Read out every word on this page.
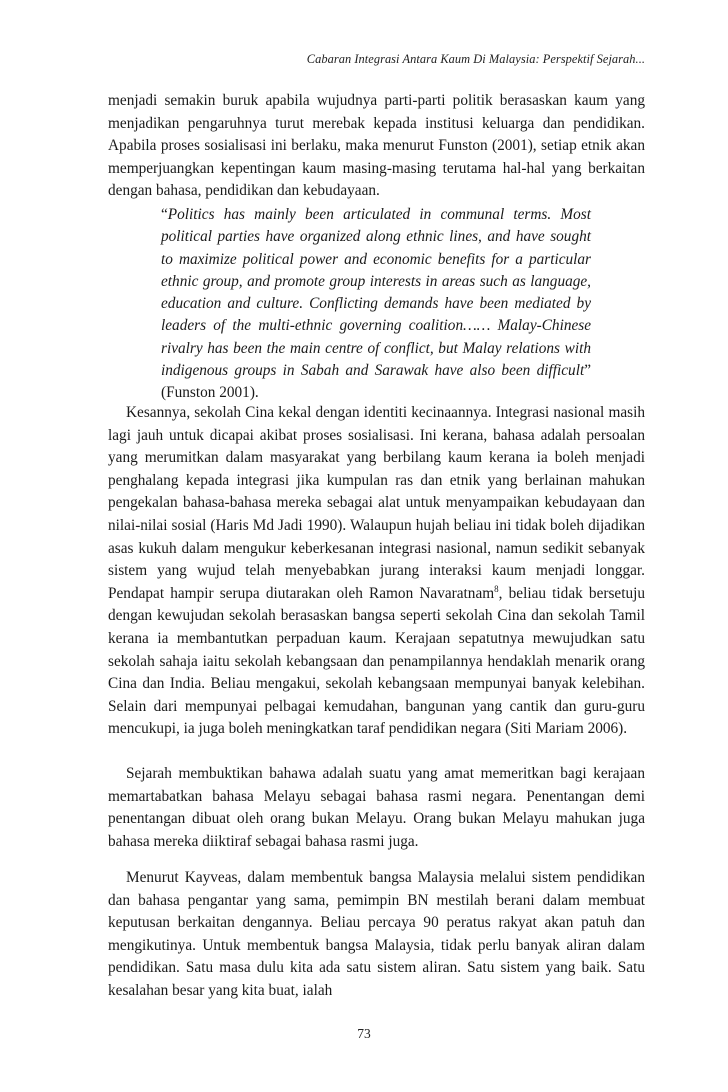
Cabaran Integrasi Antara Kaum Di Malaysia: Perspektif Sejarah...

menjadi semakin buruk apabila wujudnya parti-parti politik berasaskan kaum yang menjadikan pengaruhnya turut merebak kepada institusi keluarga dan pendidikan. Apabila proses sosialisasi ini berlaku, maka menurut Funston (2001), setiap etnik akan memperjuangkan kepentingan kaum masing-masing terutama hal-hal yang berkaitan dengan bahasa, pendidikan dan kebudayaan.

“Politics has mainly been articulated in communal terms. Most political parties have organized along ethnic lines, and have sought to maximize political power and economic benefits for a particular ethnic group, and promote group interests in areas such as language, education and culture. Conflicting demands have been mediated by leaders of the multi-ethnic governing coalition…… Malay-Chinese rivalry has been the main centre of conflict, but Malay relations with indigenous groups in Sabah and Sarawak have also been difficult” (Funston 2001).

Kesannya, sekolah Cina kekal dengan identiti kecinaannya. Integrasi nasional masih lagi jauh untuk dicapai akibat proses sosialisasi. Ini kerana, bahasa adalah persoalan yang merumitkan dalam masyarakat yang berbilang kaum kerana ia boleh menjadi penghalang kepada integrasi jika kumpulan ras dan etnik yang berlainan mahukan pengekalan bahasa-bahasa mereka sebagai alat untuk menyampaikan kebudayaan dan nilai-nilai sosial (Haris Md Jadi 1990). Walaupun hujah beliau ini tidak boleh dijadikan asas kukuh dalam mengukur keberkesanan integrasi nasional, namun sedikit sebanyak sistem yang wujud telah menyebabkan jurang interaksi kaum menjadi longgar. Pendapat hampir serupa diutarakan oleh Ramon Navaratnam$^8$, beliau tidak bersetuju dengan kewujudan sekolah berasaskan bangsa seperti sekolah Cina dan sekolah Tamil kerana ia membantutkan perpaduan kaum. Kerajaan sepatutnya mewujudkan satu sekolah sahaja iaitu sekolah kebangsaan dan penampilannya hendaklah menarik orang Cina dan India. Beliau mengakui, sekolah kebangsaan mempunyai banyak kelebihan. Selain dari mempunyai pelbagai kemudahan, bangunan yang cantik dan guru-guru mencukupi, ia juga boleh meningkatkan taraf pendidikan negara (Siti Mariam 2006).

Sejarah membuktikan bahawa adalah suatu yang amat memeritkan bagi kerajaan memartabatkan bahasa Melayu sebagai bahasa rasmi negara. Penentangan demi penentangan dibuat oleh orang bukan Melayu. Orang bukan Melayu mahukan juga bahasa mereka diiktiraf sebagai bahasa rasmi juga.

Menurut Kayveas, dalam membentuk bangsa Malaysia melalui sistem pendidikan dan bahasa pengantar yang sama, pemimpin BN mestilah berani dalam membuat keputusan berkaitan dengannya. Beliau percaya 90 peratus rakyat akan patuh dan mengikutinya. Untuk membentuk bangsa Malaysia, tidak perlu banyak aliran dalam pendidikan. Satu masa dulu kita ada satu sistem aliran. Satu sistem yang baik. Satu kesalahan besar yang kita buat, ialah

73
